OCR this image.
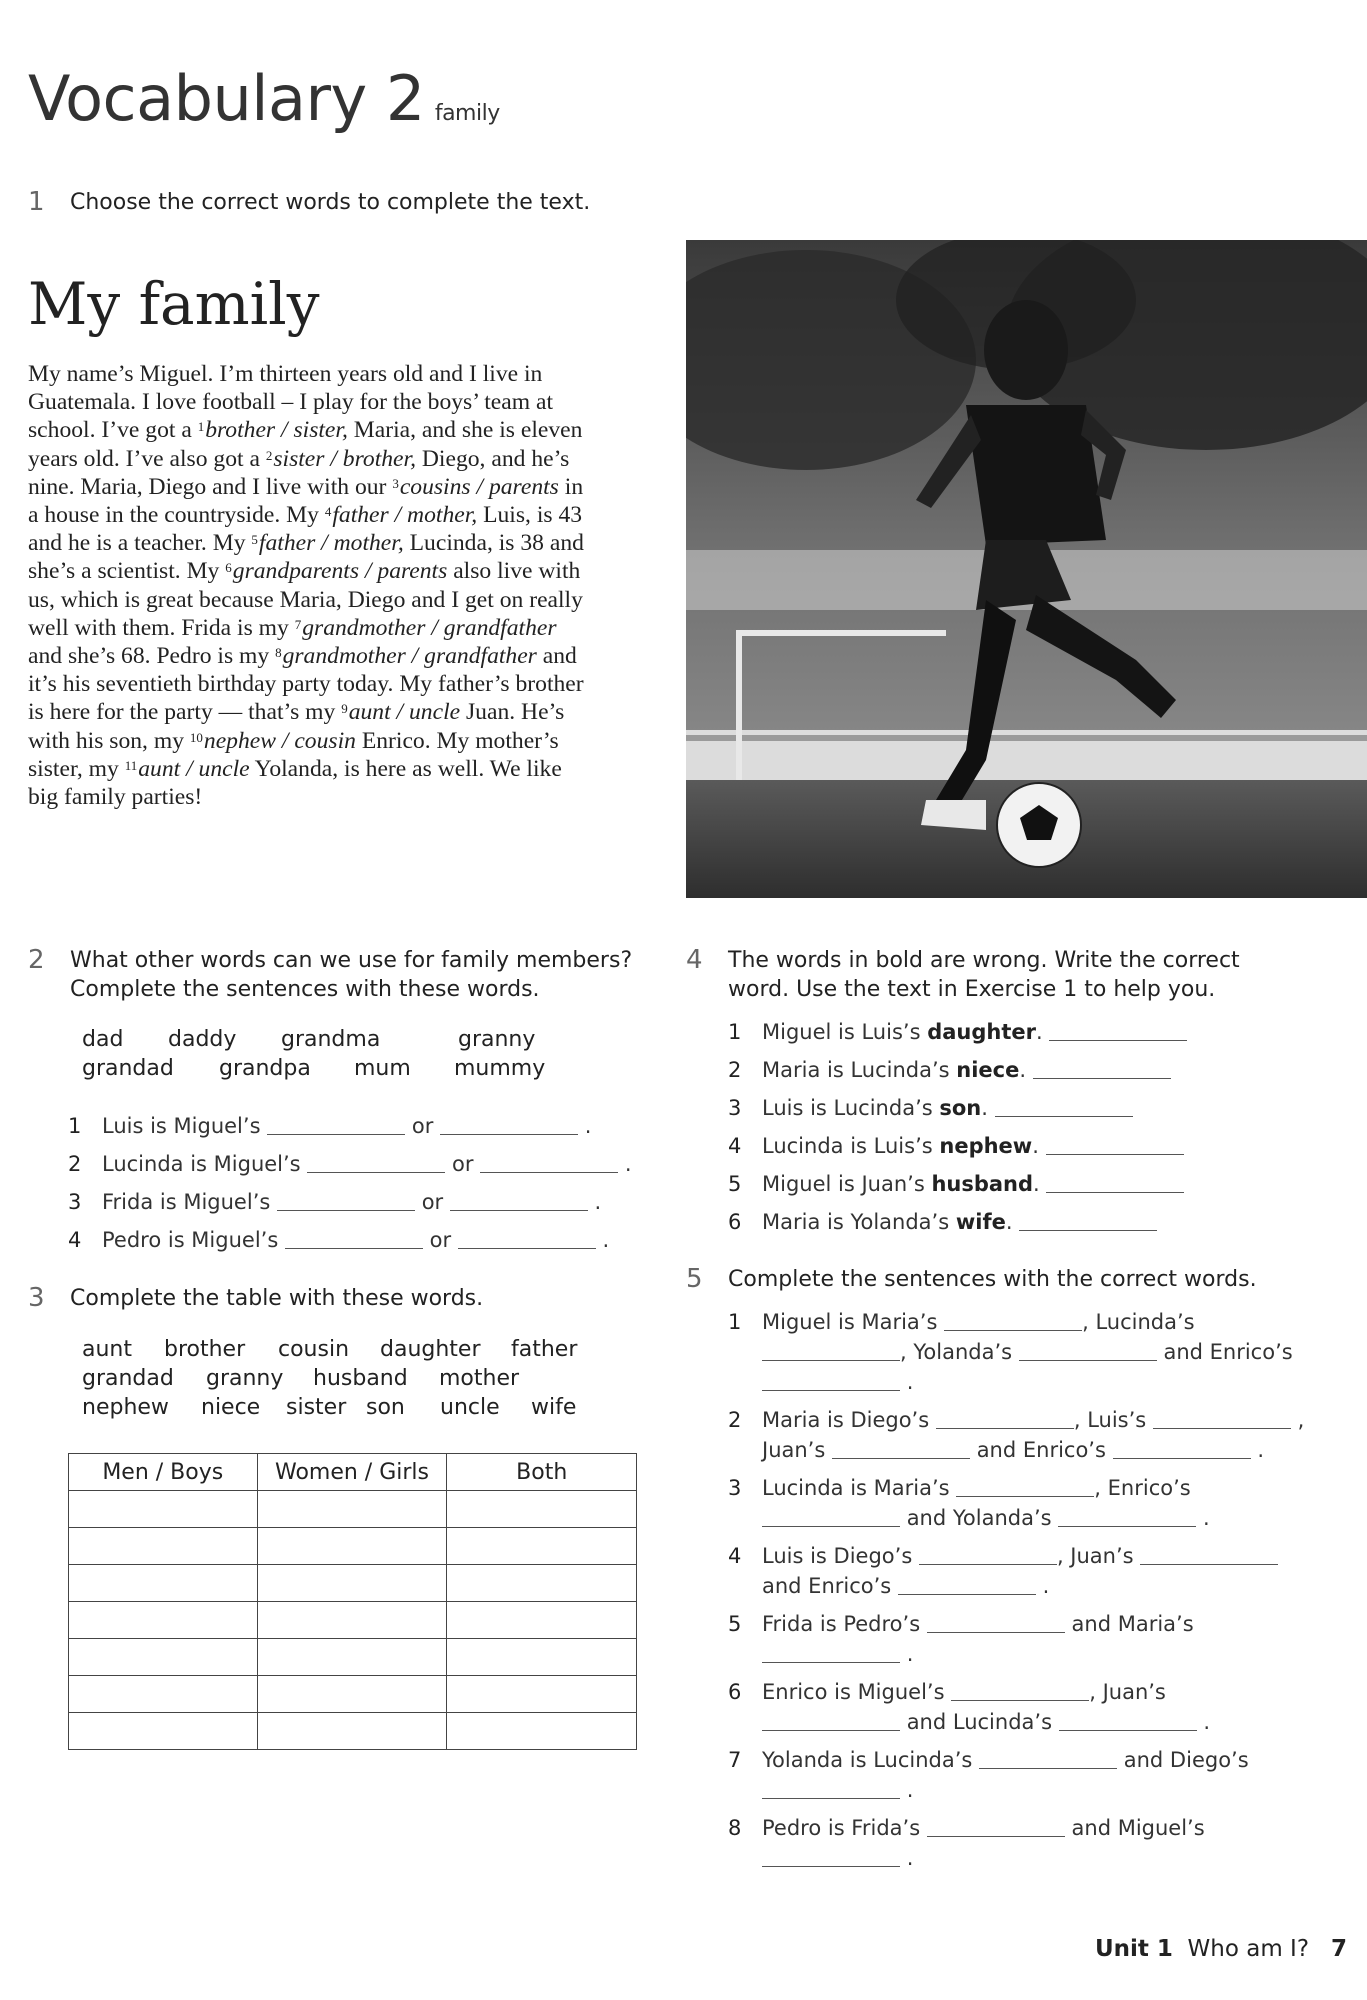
Vocabulary 2 family
1 Choose the correct words to complete the text.
My family
My name’s Miguel. I’m thirteen years old and I live in Guatemala. I love football – I play for the boys’ team at school. I’ve got a $^1$brother / sister, Maria, and she is eleven years old. I’ve also got a $^2$sister / brother, Diego, and he’s nine. Maria, Diego and I live with our $^3$cousins / parents in a house in the countryside. My $^4$father / mother, Luis, is 43 and he is a teacher. My $^5$father / mother, Lucinda, is 38 and she’s a scientist. My $^6$grandparents / parents also live with us, which is great because Maria, Diego and I get on really well with them. Frida is my $^7$grandmother / grandfather and she’s 68. Pedro is my $^8$grandmother / grandfather and it’s his seventieth birthday party today. My father’s brother is here for the party — that’s my $^9$aunt / uncle Juan. He’s with his son, my $^{10}$nephew / cousin Enrico. My mother’s sister, my $^{11}$aunt / uncle Yolanda, is here as well. We like big family parties!
2 What other words can we use for family members?
Complete the sentences with these words.
dad	daddy	grandma	granny
grandad	grandpa	mum	mummy
1 Luis is Miguel’s	or	.
2 Lucinda is Miguel’s	or	.
3 Frida is Miguel’s	or	.
4 Pedro is Miguel’s	or	.
3 Complete the table with these words.
aunt	brother	cousin	daughter	father
grandad	granny	husband	mother
nephew	niece	sister son	uncle	wife
Men / Boys	Women / Girls	Both

4 The words in bold are wrong. Write the correct
word. Use the text in Exercise 1 to help you.
1 Miguel is Luis’s daughter.
2 Maria is Lucinda’s niece.
3 Luis is Lucinda’s son.
4 Lucinda is Luis’s nephew.
5 Miguel is Juan’s husband.
6 Maria is Yolanda’s wife.
5 Complete the sentences with the correct words.
1 Miguel is Maria’s	, Lucinda’s
, Yolanda’s	and Enrico’s
.
2 Maria is Diego’s	, Luis’s	,
Juan’s	and Enrico’s	.
3 Lucinda is Maria’s	, Enrico’s
and Yolanda’s	.
4 Luis is Diego’s	, Juan’s
and Enrico’s	.
5 Frida is Pedro’s	and Maria’s
.
6 Enrico is Miguel’s	, Juan’s
and Lucinda’s	.
7 Yolanda is Lucinda’s	and Diego’s
.
8 Pedro is Frida’s	and Miguel’s
.
Unit 1 Who am I? 7
